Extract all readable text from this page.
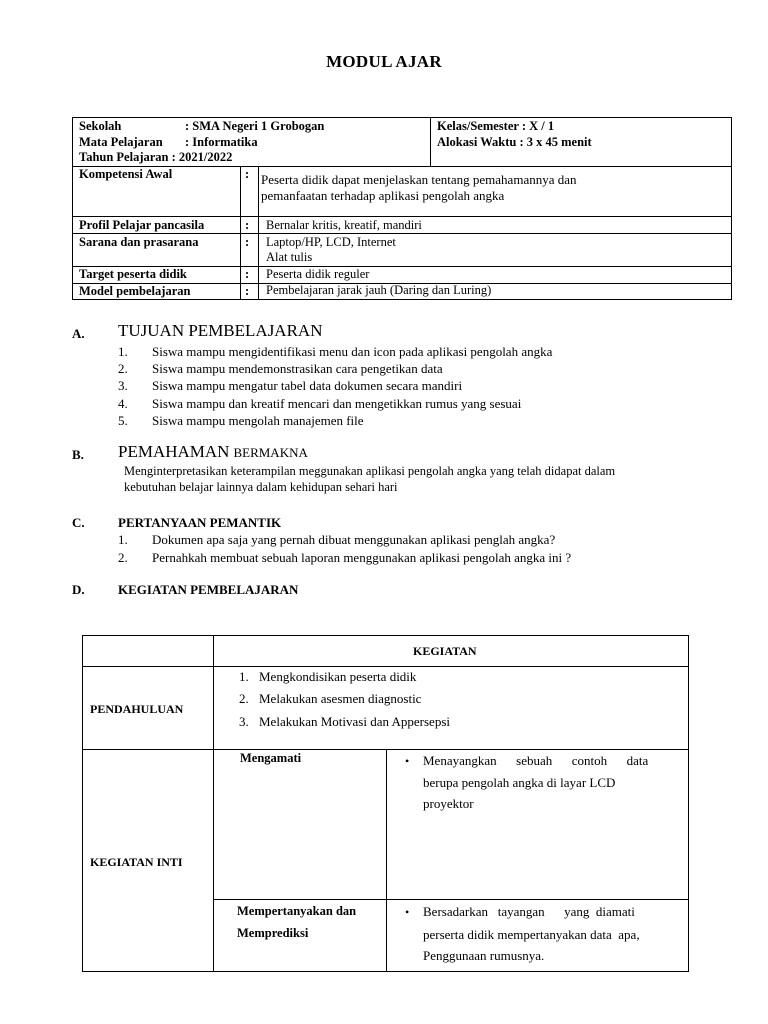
MODUL AJAR
Sekolah	: SMA Negeri 1 Grobogan
Mata Pelajaran : Informatika
Tahun Pelajaran : 2021/2022
Kelas/Semester : X / 1
Alokasi Waktu : 3 x 45 menit
Kompetensi Awal	: Peserta didik dapat menjelaskan tentang pemahamannya dan
pemanfaatan terhadap aplikasi pengolah angka
Profil Pelajar pancasila	: Bernalar kritis, kreatif, mandiri
Sarana dan prasarana	: Laptop/HP, LCD, Internet
Alat tulis
Target peserta didik	: Peserta didik reguler
Model pembelajaran	: Pembelajaran jarak jauh (Daring dan Luring)
A. TUJUAN PEMBELAJARAN
1. Siswa mampu mengidentifikasi menu dan icon pada aplikasi pengolah angka
2. Siswa mampu mendemonstrasikan cara pengetikan data
3. Siswa mampu mengatur tabel data dokumen secara mandiri
4. Siswa mampu dan kreatif mencari dan mengetikkan rumus yang sesuai
5. Siswa mampu mengolah manajemen file
B. PEMAHAMAN BERMAKNA
Menginterpretasikan keterampilan meggunakan aplikasi pengolah angka yang telah didapat dalam
kebutuhan belajar lainnya dalam kehidupan sehari hari
C.	PERTANYAAN PEMANTIK
1. Dokumen apa saja yang pernah dibuat menggunakan aplikasi penglah angka?
2. Pernahkah membuat sebuah laporan menggunakan aplikasi pengolah angka ini ?
D.	KEGIATAN PEMBELAJARAN
KEGIATAN
PENDAHULUAN
1. Mengkondisikan peserta didik
2. Melakukan asesmen diagnostic
3. Melakukan Motivasi dan Appersepsi
KEGIATAN INTI
Mengamati	• Menayangkan      sebuah      contoh      data
berupa pengolah angka di layar LCD
proyektor
Mempertanyakan dan
Memprediksi
• Bersadarkan   tayangan      yang  diamati
perserta didik mempertanyakan data  apa,
Penggunaan rumusnya.
